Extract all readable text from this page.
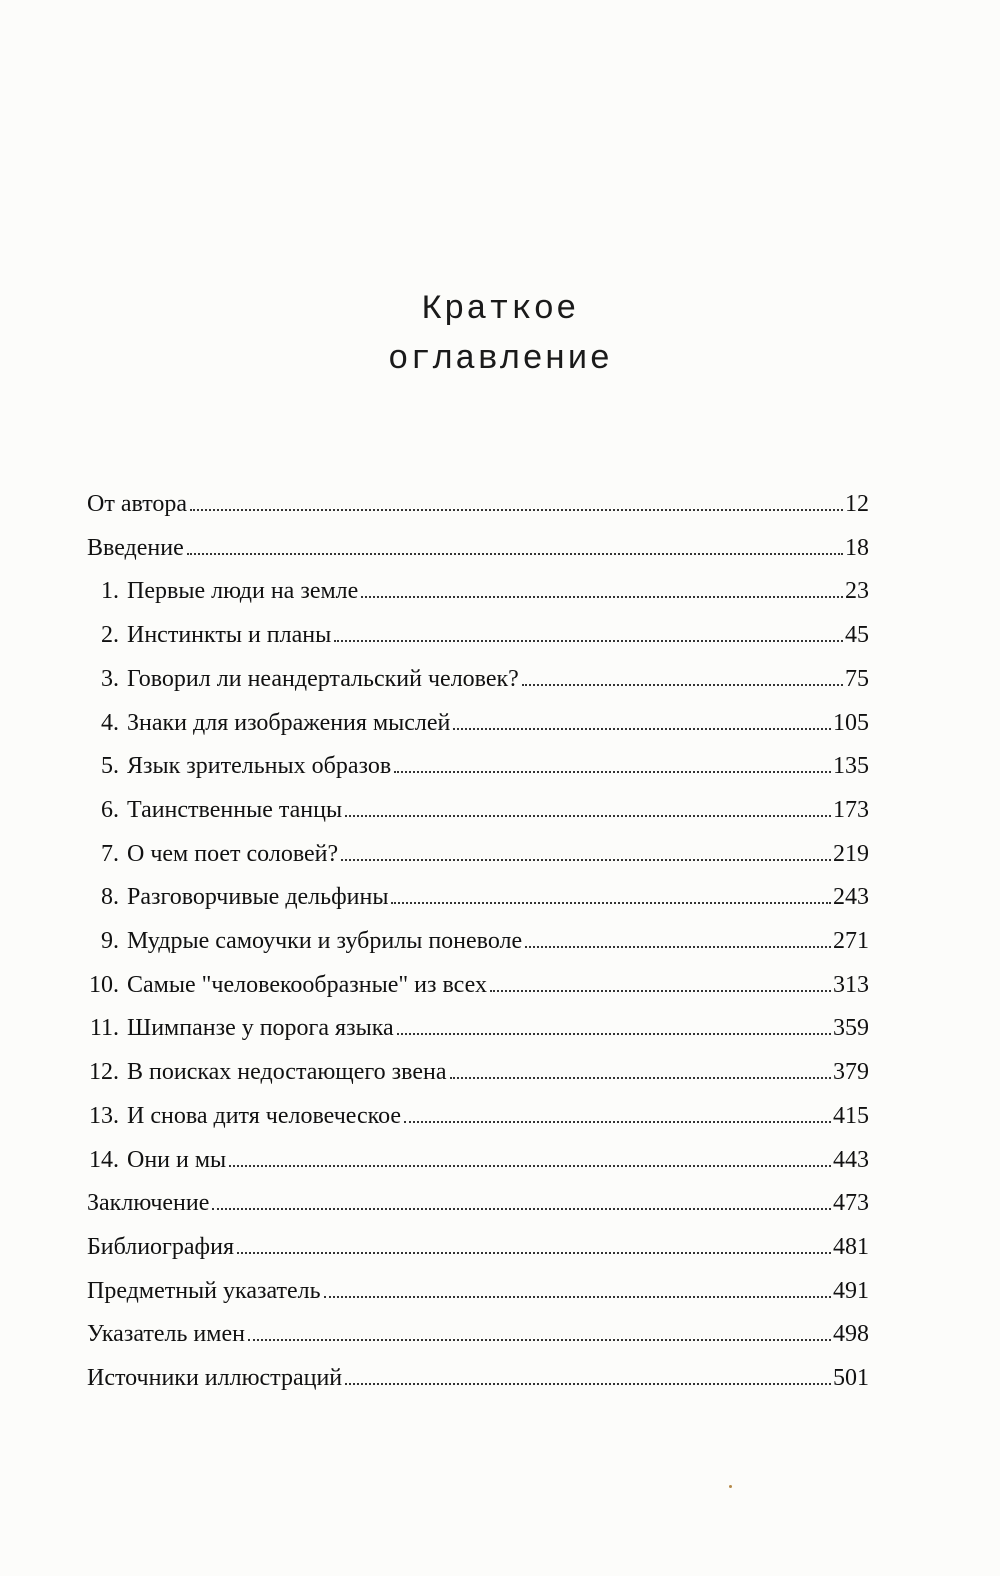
Краткое
оглавление
От автора	12
Введение	18
1. Первые люди на земле	23
2. Инстинкты и планы	45
3. Говорил ли неандертальский человек?	75
4. Знаки для изображения мыслей	105
5. Язык зрительных образов	135
6. Таинственные танцы	173
7. О чем поет соловей?	219
8. Разговорчивые дельфины	243
9. Мудрые самоучки и зубрилы поневоле	271
10. Самые "человекообразные" из всех	313
11. Шимпанзе у порога языка	359
12. В поисках недостающего звена	379
13. И снова дитя человеческое	415
14. Они и мы	443
Заключение	473
Библиография	481
Предметный указатель	491
Указатель имен	498
Источники иллюстраций	501
